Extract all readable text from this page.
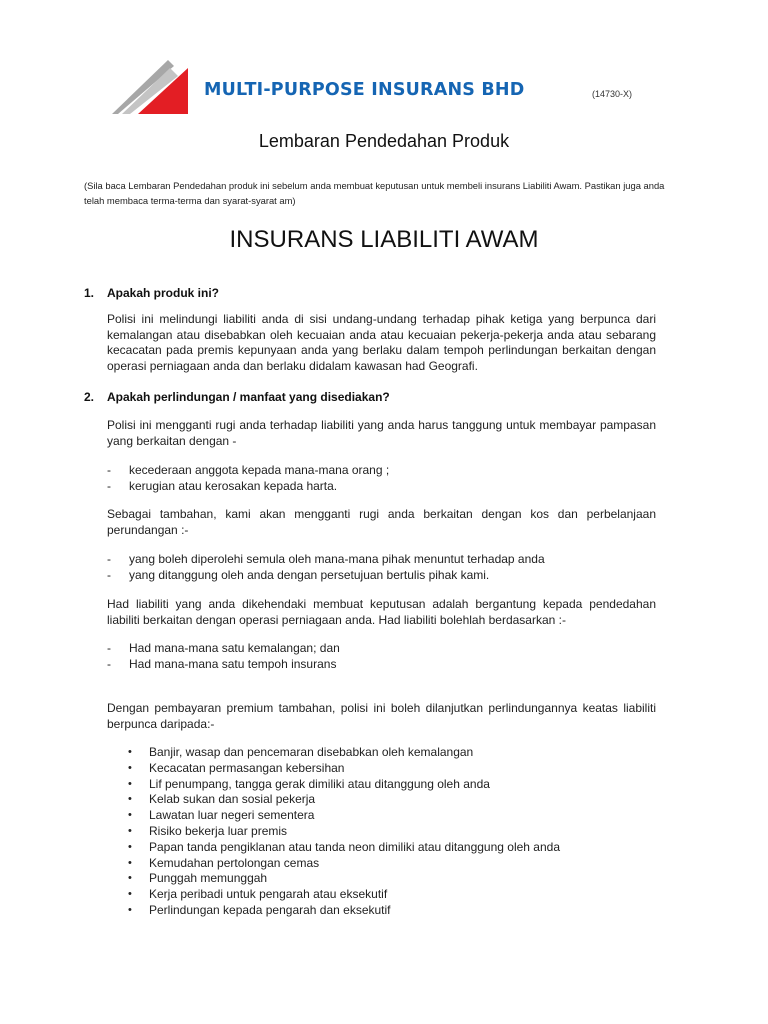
MULTI-PURPOSE INSURANS BHD	(14730-X)
Lembaran Pendedahan Produk
(Sila baca Lembaran Pendedahan produk ini sebelum anda membuat keputusan untuk membeli insurans Liabiliti Awam. Pastikan juga anda telah membaca terma-terma dan syarat-syarat am)
INSURANS LIABILITI AWAM
1. Apakah produk ini?
Polisi ini melindungi liabiliti anda di sisi undang-undang terhadap pihak ketiga yang berpunca dari kemalangan atau disebabkan oleh kecuaian anda atau kecuaian pekerja-pekerja anda atau sebarang kecacatan pada premis kepunyaan anda yang berlaku dalam tempoh perlindungan berkaitan dengan operasi perniagaan anda dan berlaku didalam kawasan had Geografi.
2. Apakah perlindungan / manfaat yang disediakan?
Polisi ini mengganti rugi anda terhadap liabiliti yang anda harus tanggung untuk membayar pampasan yang berkaitan dengan -
- kecederaan anggota kepada mana-mana orang ;
- kerugian atau kerosakan kepada harta.
Sebagai tambahan, kami akan mengganti rugi anda berkaitan dengan kos dan perbelanjaan perundangan :-
- yang boleh diperolehi semula oleh mana-mana pihak menuntut terhadap anda
- yang ditanggung oleh anda dengan persetujuan bertulis pihak kami.
Had liabiliti yang anda dikehendaki membuat keputusan adalah bergantung kepada pendedahan liabiliti berkaitan dengan operasi perniagaan anda. Had liabiliti bolehlah berdasarkan :-
- Had mana-mana satu kemalangan; dan
- Had mana-mana satu tempoh insurans
Dengan pembayaran premium tambahan, polisi ini boleh dilanjutkan perlindungannya keatas liabiliti berpunca daripada:-
• Banjir, wasap dan pencemaran disebabkan oleh kemalangan
• Kecacatan permasangan kebersihan
• Lif penumpang, tangga gerak dimiliki atau ditanggung oleh anda
• Kelab sukan dan sosial pekerja
• Lawatan luar negeri sementera
• Risiko bekerja luar premis
• Papan tanda pengiklanan atau tanda neon dimiliki atau ditanggung oleh anda
• Kemudahan pertolongan cemas
• Punggah memunggah
• Kerja peribadi untuk pengarah atau eksekutif
• Perlindungan kepada pengarah dan eksekutif
